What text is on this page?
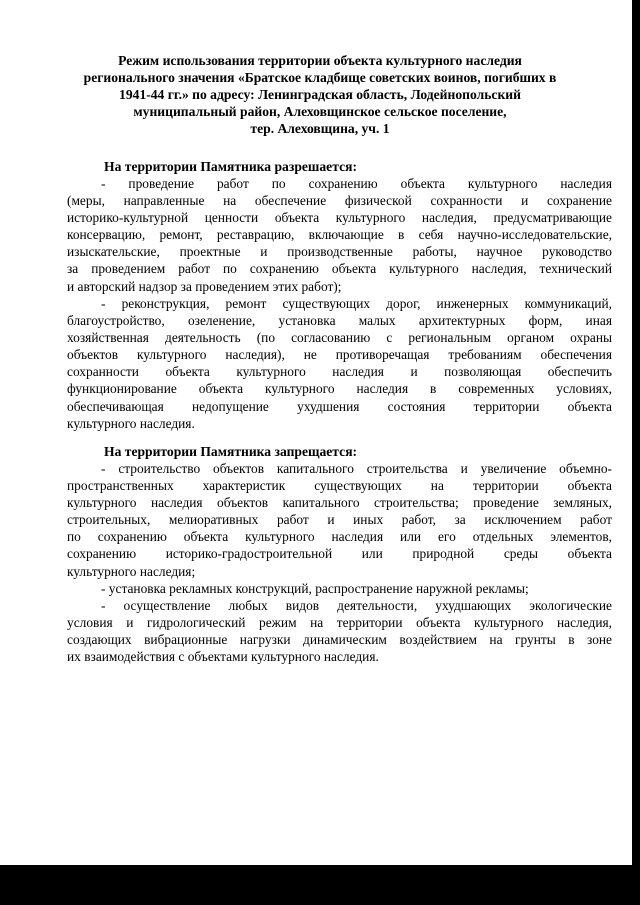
Режим использования территории объекта культурного наследия
регионального значения «Братское кладбище советских воинов, погибших в
1941-44 гг.» по адресу: Ленинградская область, Лодейнопольский
муниципальный район, Алеховщинское сельское поселение,
тер. Алеховщина, уч. 1
На территории Памятника разрешается:
- проведение работ по сохранению объекта культурного наследия
(меры, направленные на обеспечение физической сохранности и сохранение
историко-культурной ценности объекта культурного наследия, предусматривающие
консервацию, ремонт, реставрацию, включающие в себя научно-исследовательские,
изыскательские, проектные и производственные работы, научное руководство
за проведением работ по сохранению объекта культурного наследия, технический
и авторский надзор за проведением этих работ);
- реконструкция, ремонт существующих дорог, инженерных коммуникаций,
благоустройство, озеленение, установка малых архитектурных форм, иная
хозяйственная деятельность (по согласованию с региональным органом охраны
объектов культурного наследия), не противоречащая требованиям обеспечения
сохранности объекта культурного наследия и позволяющая обеспечить
функционирование объекта культурного наследия в современных условиях,
обеспечивающая недопущение ухудшения состояния территории объекта
культурного наследия.
На территории Памятника запрещается:
- строительство объектов капитального строительства и увеличение объемно-
пространственных характеристик существующих на территории объекта
культурного наследия объектов капитального строительства; проведение земляных,
строительных, мелиоративных работ и иных работ, за исключением работ
по сохранению объекта культурного наследия или его отдельных элементов,
сохранению историко-градостроительной или природной среды объекта
культурного наследия;
- установка рекламных конструкций, распространение наружной рекламы;
- осуществление любых видов деятельности, ухудшающих экологические
условия и гидрологический режим на территории объекта культурного наследия,
создающих вибрационные нагрузки динамическим воздействием на грунты в зоне
их взаимодействия с объектами культурного наследия.
